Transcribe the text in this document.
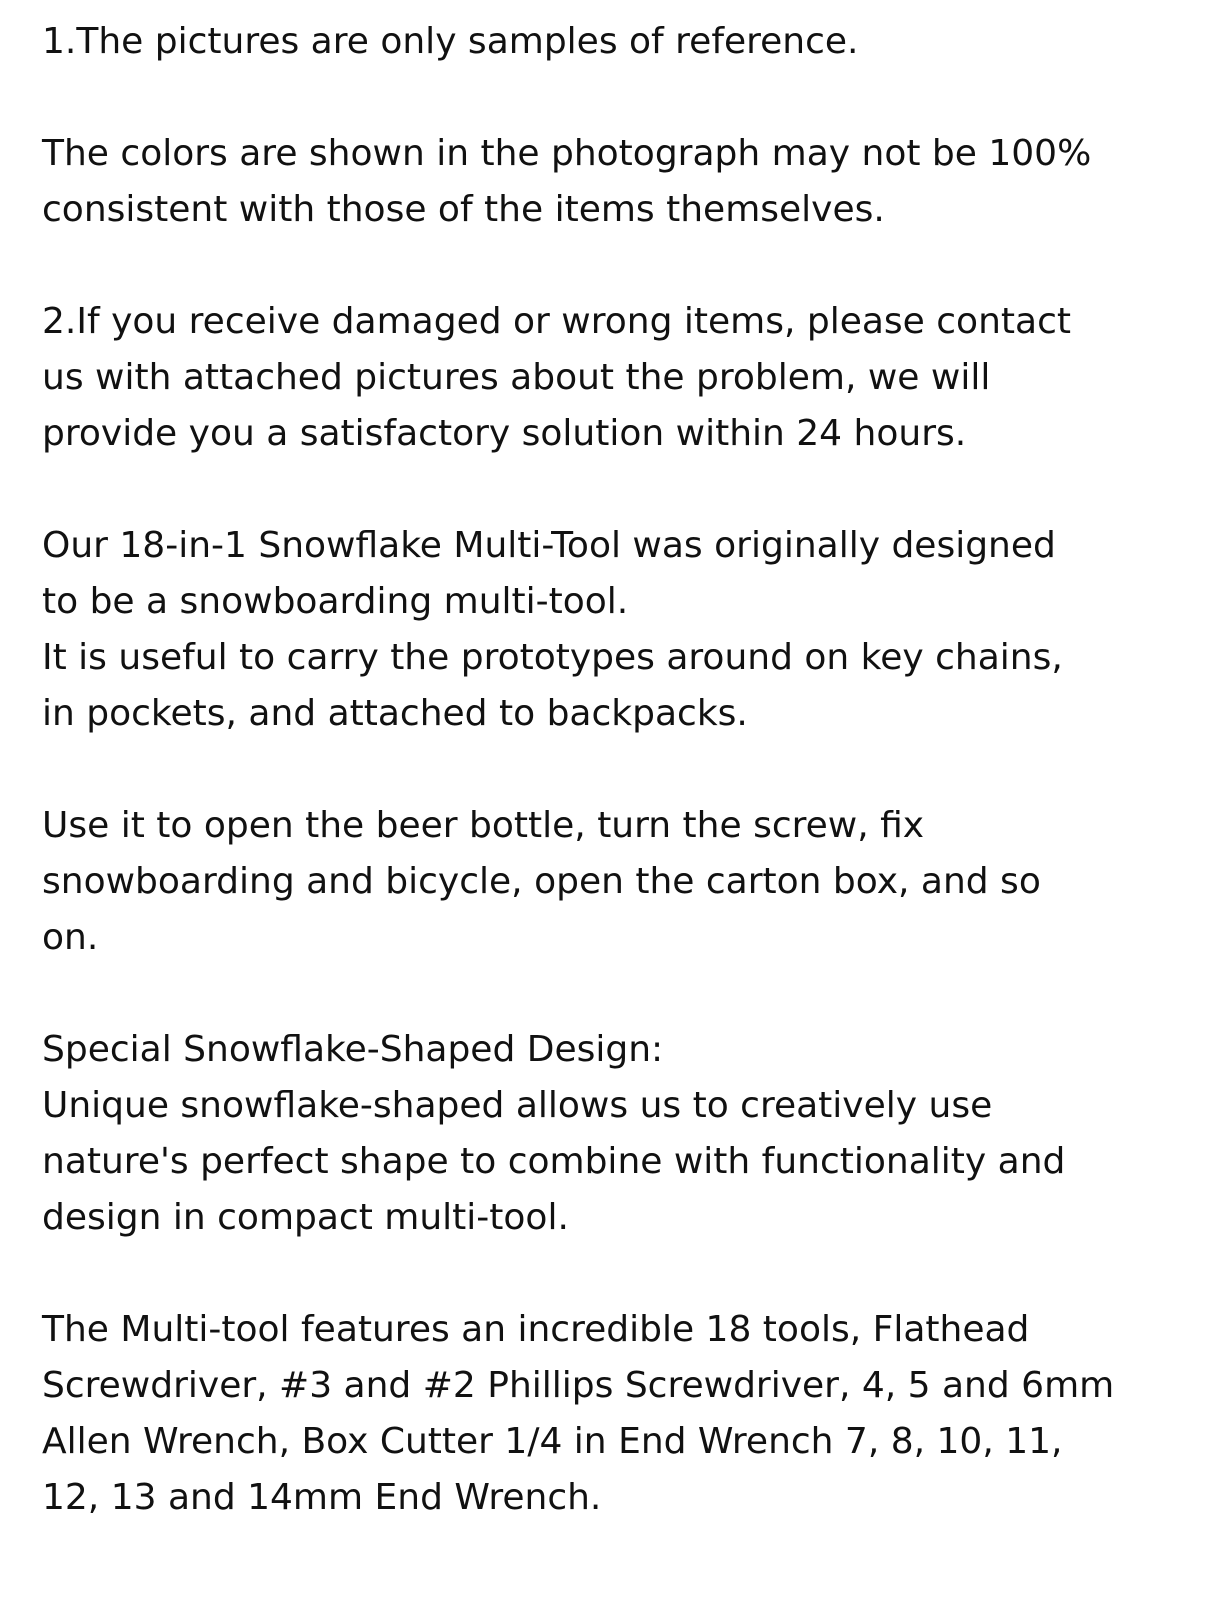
1.The pictures are only samples of reference.

The colors are shown in the photograph may not be 100%
consistent with those of the items themselves.

2.If you receive damaged or wrong items, please contact
us with attached pictures about the problem, we will
provide you a satisfactory solution within 24 hours.

Our 18-in-1 Snowflake Multi-Tool was originally designed
to be a snowboarding multi-tool.
It is useful to carry the prototypes around on key chains,
in pockets, and attached to backpacks.

Use it to open the beer bottle, turn the screw, fix
snowboarding and bicycle, open the carton box, and so
on.

Special Snowflake-Shaped Design:
Unique snowflake-shaped allows us to creatively use
nature's perfect shape to combine with functionality and
design in compact multi-tool.

The Multi-tool features an incredible 18 tools, Flathead
Screwdriver, #3 and #2 Phillips Screwdriver, 4, 5 and 6mm
Allen Wrench, Box Cutter 1/4 in End Wrench 7, 8, 10, 11,
12, 13 and 14mm End Wrench.
